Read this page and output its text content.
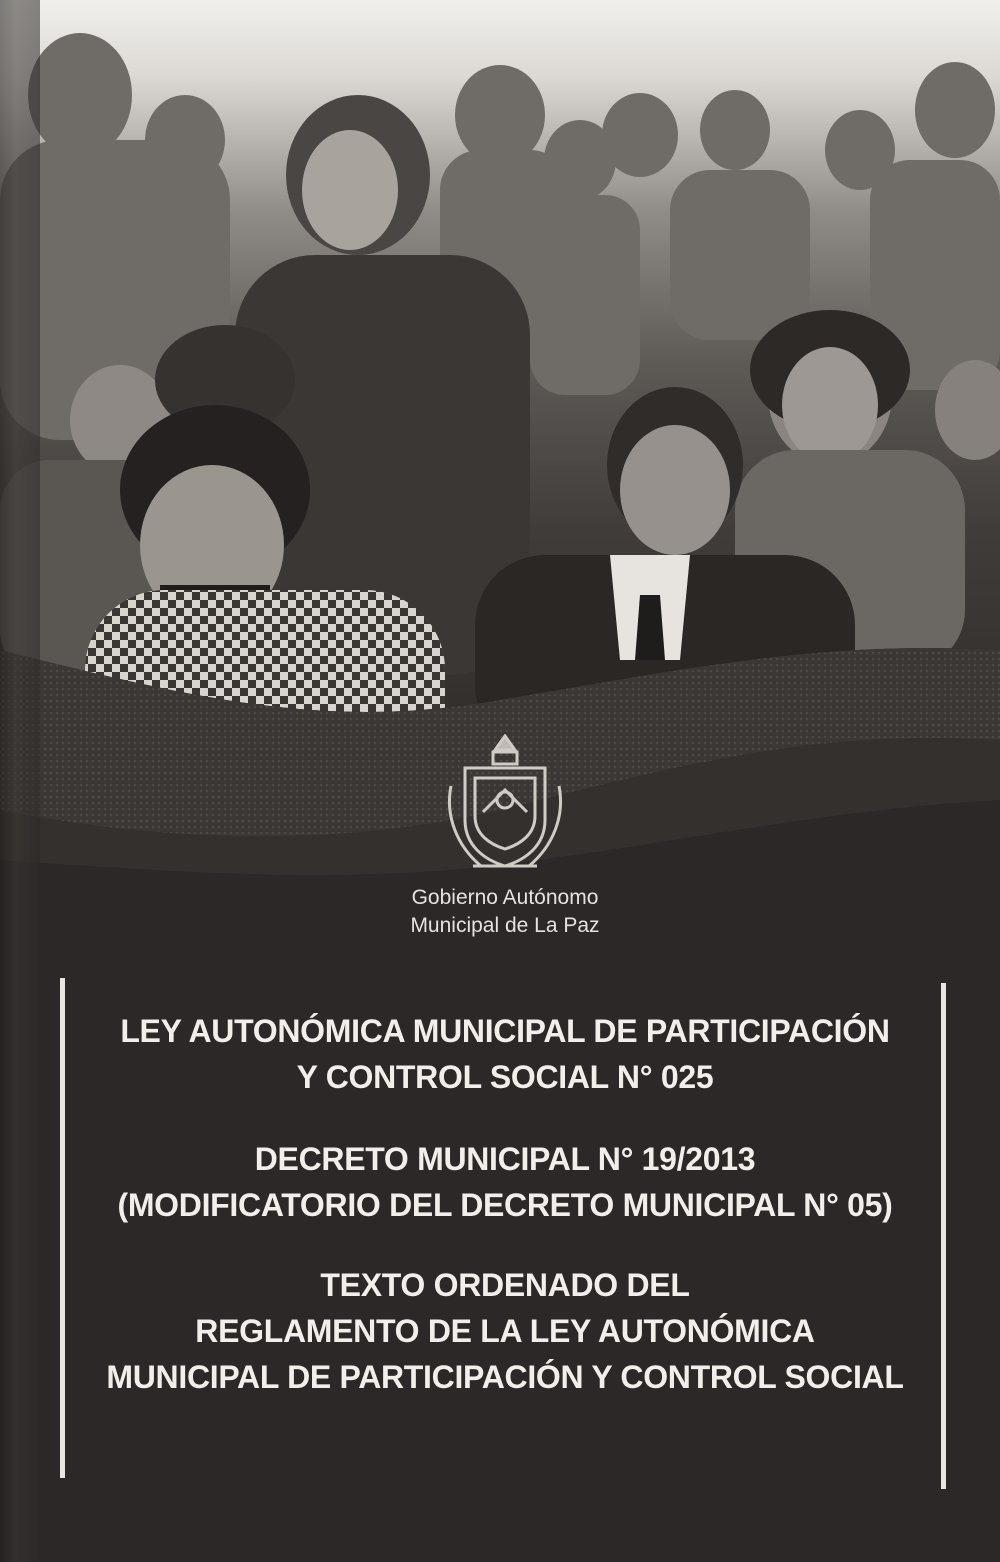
Gobierno Autónomo
Municipal de La Paz
LEY AUTONÓMICA MUNICIPAL DE PARTICIPACIÓN
Y CONTROL SOCIAL N° 025
DECRETO MUNICIPAL N° 19/2013
(MODIFICATORIO DEL DECRETO MUNICIPAL N° 05)
TEXTO ORDENADO DEL
REGLAMENTO DE LA LEY AUTONÓMICA
MUNICIPAL DE PARTICIPACIÓN Y CONTROL SOCIAL
